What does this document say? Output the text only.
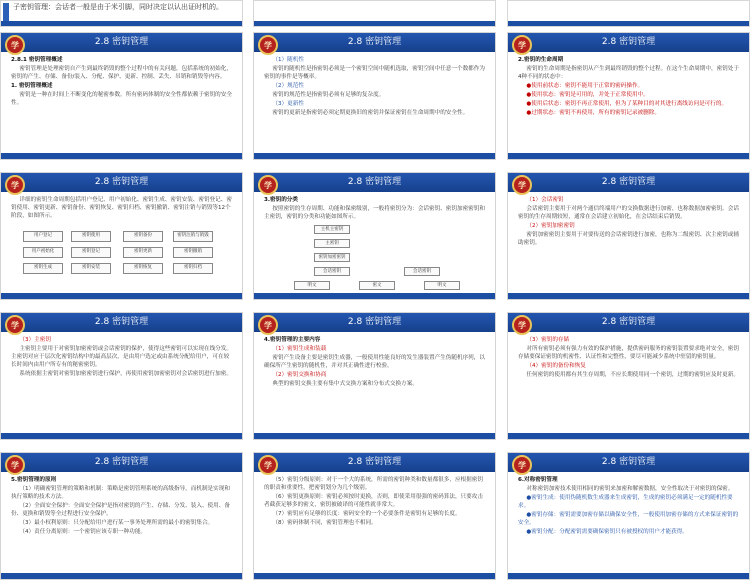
子密钥管理：会话者一般是由于米引脚，同时决定以认出证时机的。
2.8 密钥管理
学

2.8.1 密钥管理概述

密钥管理是处理密钥自产生到最终销毁的整个过程中的有关问题，包括系统的初始化，密钥的产生、存储、备份/装入、分配、保护、更新、控制、丢失、吊销和销毁等内容。

1. 密钥管理概述

密钥是一种在时间上不断变化的秘密参数。所有密码体制的安全性都依赖于密钥的安全性。

2.8 密钥管理
学

（1）随机性

密钥的随机性是指密钥必须是一个密钥空间中随机选取，密钥空间中任意一个数都作为密钥的事件是等概率。

（2）规范性

密钥的规范性是指密钥必须有足够的复杂度。

（3）更新性

密钥的更新是指密钥必须定期更换旧的密钥并保证密钥在生命周期中的安全性。

2.8 密钥管理
学

2.密钥的生命周期

密钥的生命周期是指密钥从产生到最终销毁的整个过程。在这个生命周期中，密钥处于4种不同的状态中：

●使用前状态：密钥不能用于正常的密码操作。

●使用状态：密钥是可用的，并处于正常使用中。

●使用后状态：密钥不再正常使用，但为了某种目的对其进行离线访问是可行的。

●过期状态：密钥不再使用，所有的密钥记录被删除。

2.8 密钥管理
学

详细的密钥生命周期包括用户登记、用户初始化、密钥生成、密钥安装、密钥登记、密钥使用、密钥更新、密钥备份、密钥恢复、密钥归档、密钥撤销、密钥注销与销毁等12个阶段，如图所示。

用户登记
用户初始化
密钥生成	密钥安装
密钥登记
密钥使用	密钥备份
密钥更新
密钥恢复	密钥归档
密钥撤销
密钥注销与销毁
2.8 密钥管理
学

3.密钥的分类

按照密钥的生存周期、功能和保密级别，一般将密钥分为：会话密钥、密钥加密密钥和主密钥，密钥的分类和功能如图所示。

主机主密钥
主密钥
密钥加密密钥
会话密钥	会话密钥
明文	密文	明文
2.8 密钥管理
学

（1）会话密钥

会话密钥主要用于对两个通信终端用户的交换数据进行加密，也称数据加密密钥。会话密钥的生存周期较短，通常在会话建立初始化，在会话结束后销毁。

（2）密钥加密密钥

密钥加密密钥主要用于对要传送的会话密钥进行加密，也称为二级密钥、次主密钥或辅助密钥。

2.8 密钥管理
学

（3）主密钥

主密钥主要用于对密钥加密密钥或会话密钥的保护，使得这些密钥可以实现在线分发。主密钥对应于层次化密钥结构中的最高层次，是由用户选定或由系统分配给用户，可在较长时间内由用户所专有的秘密密钥。

系统依据主密钥对密钥加密密钥进行保护，再使用密钥加密密钥对会话密钥进行加密。

2.8 密钥管理
学

4.密钥管理的主要内容

（1）密钥生成和装载

密钥产生设备主要是密钥生成器，一般使用性能良好的发生器装置产生伪随机序列，以确保所产生密钥的随机性，并对其正确性进行校验。

（2）密钥交换和协商

典型的密钥交换主要有集中式交换方案和分布式交换方案。

2.8 密钥管理
学

（3）密钥的存储

对所有密钥必须有强力有效的保护措施，提供密码服务的密钥装置要求绝对安全，密钥存储要保证密钥的机密性、认证性和完整性，要尽可能减少系统中驻留的密钥量。

（4）密钥的备份和恢复

任何密钥的使用都有其生存周期，不应长期使用同一个密钥，过期的密钥应及时更新。

2.8 密钥管理
学

5.密钥管理的原则

（1）明确密钥管理的策略和机制：策略是密钥管理系统的高级指导，而机制是实现和执行策略的技术方法。

（2）全面安全保护：全面安全保护是指对密钥的产生、存储、分发、装入、使用、备份、更换和销毁等全过程进行安全保护。

（3）最小权利原则：只分配给用户进行某一事务处理所需的最小的密钥集合。

（4）责任分离原则：一个密钥应该专职一种功能。

2.8 密钥管理
学

（5）密钥分级原则：对于一个大的系统，所需的密钥种类和数量都很多，应根据密钥的职责和重要性，把密钥划分为几个级别。

（6）密钥更换原则：密钥必须按时更换，否则，即使采用很强的密码算法，只要攻击者截获足够多的密文，密钥被破译的可能性就非常大。

（7）密钥应有足够的长度：密码安全的一个必要条件是密钥有足够的长度。

（8）密码体制不同，密钥管理也不相同。

2.8 密钥管理
学

6.对称密钥管理

对称密钥加密技术使用相同的密钥来加密和解密数据，安全性取决于对密钥的保密。

●密钥生成：使用伪随机数生成器来生成密钥，生成的密钥必须满足一定的随机性要求。

●密钥存储：密钥需要加密存储以确保安全性，一般使用加密存储的方式来保证密钥的安全。

●密钥分配：分配密钥需要确保密钥只有被授权的用户才能获得。
